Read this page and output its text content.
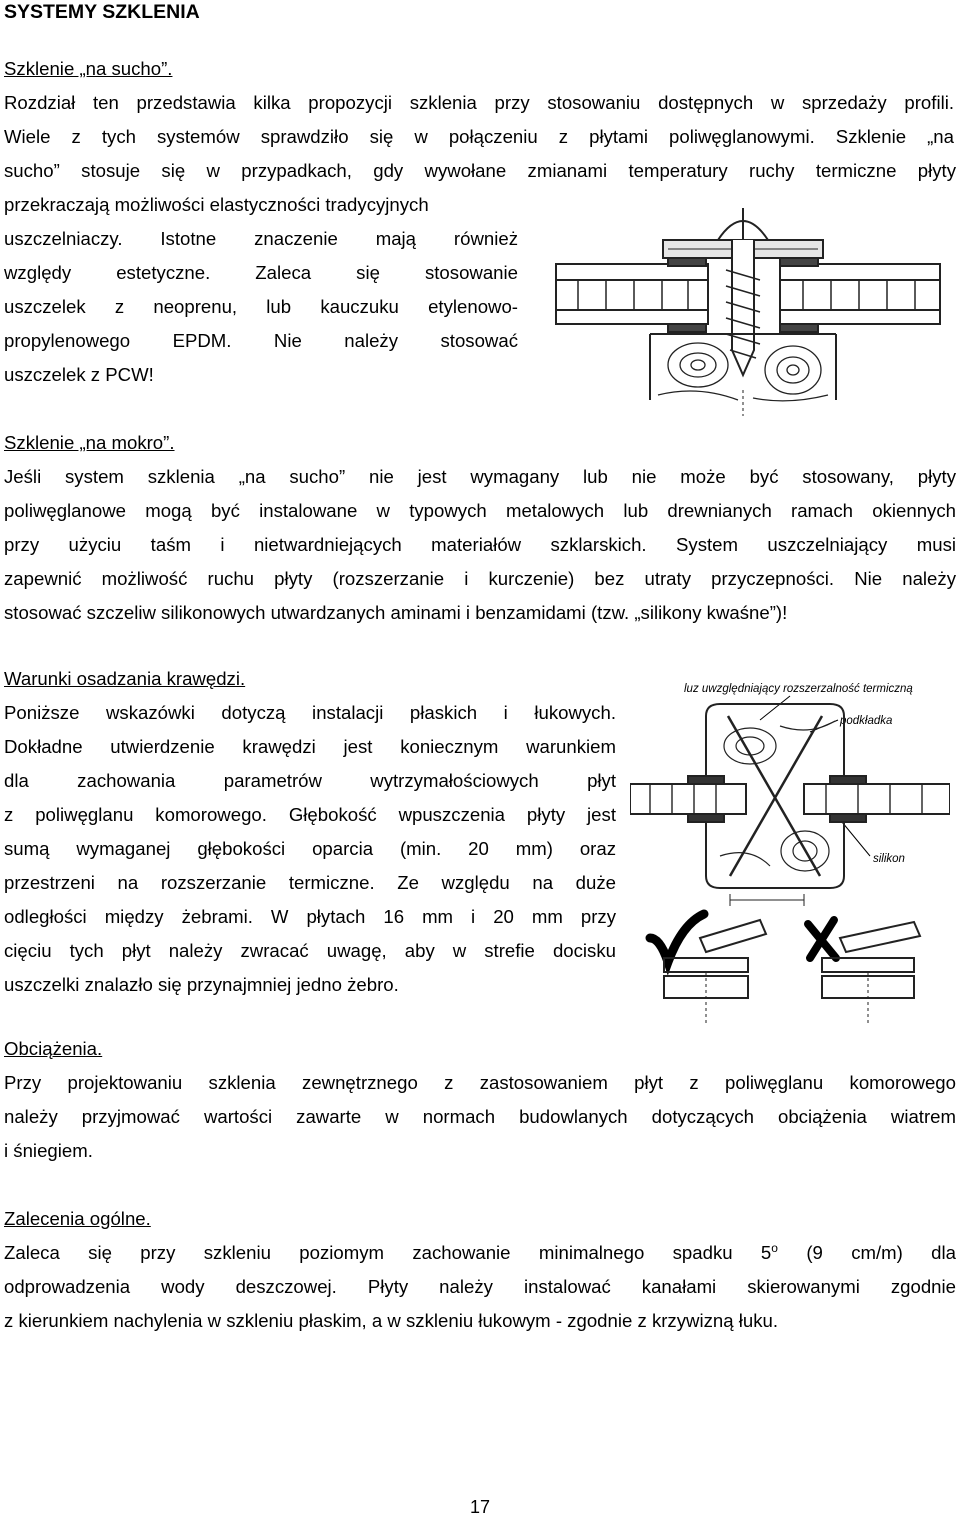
SYSTEMY SZKLENIA
Szklenie „na sucho”.
Rozdział ten przedstawia kilka propozycji szklenia przy stosowaniu dostępnych w sprzedaży profili.
Wiele z tych systemów sprawdziło się w połączeniu z płytami poliwęglanowymi. Szklenie „na
sucho” stosuje się w przypadkach, gdy wywołane zmianami temperatury ruchy termiczne płyty
przekraczają możliwości elastyczności tradycyjnych
uszczelniaczy. Istotne znaczenie mają również
względy estetyczne. Zaleca się stosowanie
uszczelek z neoprenu, lub kauczuku etylenowo-
propylenowego EPDM. Nie należy stosować
uszczelek z PCW!
Szklenie „na mokro”.
Jeśli system szklenia „na sucho” nie jest wymagany lub nie może być stosowany, płyty
poliwęglanowe mogą być instalowane w typowych metalowych lub drewnianych ramach okiennych
przy użyciu taśm i nietwardniejących materiałów szklarskich. System uszczelniający musi
zapewnić możliwość ruchu płyty (rozszerzanie i kurczenie) bez utraty przyczepności. Nie należy
stosować szczeliw silikonowych utwardzanych aminami i benzamidami (tzw. „silikony kwaśne”)!
Warunki osadzania krawędzi.
Poniższe wskazówki dotyczą instalacji płaskich i łukowych.
Dokładne utwierdzenie krawędzi jest koniecznym warunkiem
dla zachowania parametrów wytrzymałościowych płyt
z poliwęglanu komorowego. Głębokość wpuszczenia płyty jest
sumą wymaganej głębokości oparcia (min. 20 mm) oraz
przestrzeni na rozszerzanie termiczne. Ze względu na duże
odległości między żebrami. W płytach 16 mm i 20 mm przy
cięciu tych płyt należy zwracać uwagę, aby w strefie docisku
uszczelki znalazło się przynajmniej jedno żebro.
luz uwzględniający rozszerzalność termiczną
podkładka
silikon
Obciążenia.
Przy projektowaniu szklenia zewnętrznego z zastosowaniem płyt z poliwęglanu komorowego
należy przyjmować wartości zawarte w normach budowlanych dotyczących obciążenia wiatrem
i śniegiem.
Zalecenia ogólne.
Zaleca się przy szkleniu poziomym zachowanie minimalnego spadku 5$^o$ (9 cm/m) dla
odprowadzenia wody deszczowej. Płyty należy instalować kanałami skierowanymi zgodnie
z kierunkiem nachylenia w szkleniu płaskim, a w szkleniu łukowym - zgodnie z krzywizną łuku.
17
